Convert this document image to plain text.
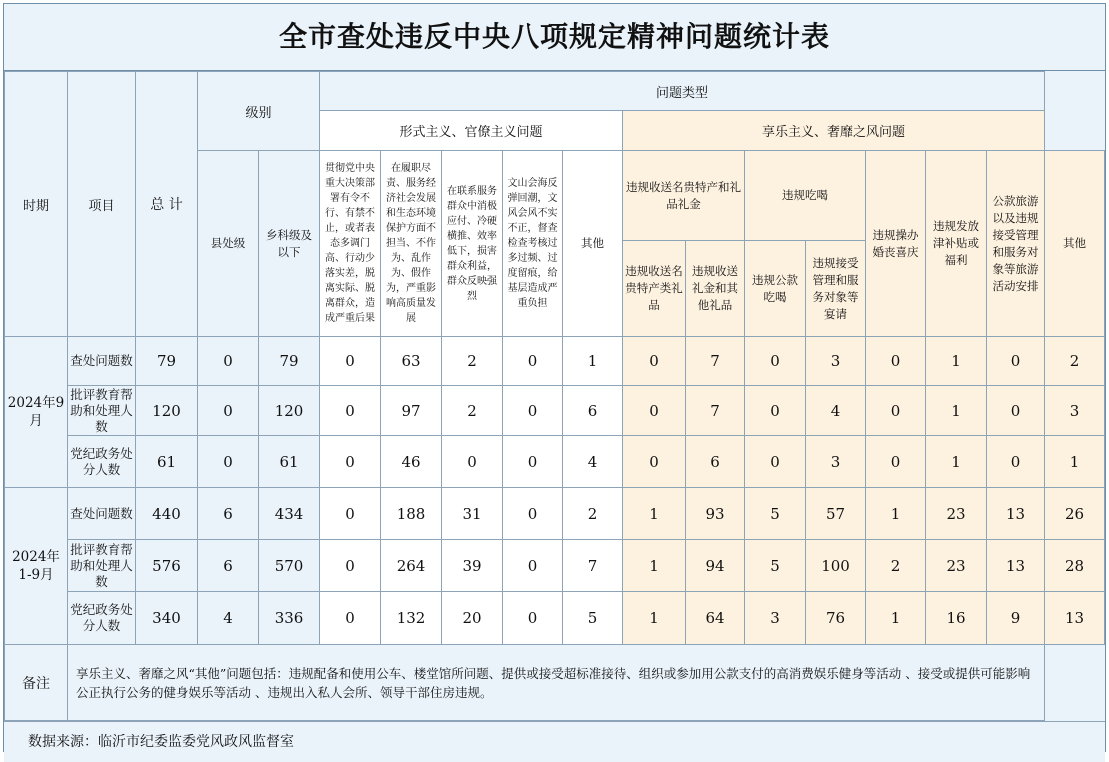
全市查处违反中央八项规定精神问题统计表
时期	项目	总 计	级别		问题类型												
					形式主义、官僚主义问题					享乐主义、奢靡之风问题							
			县处级	乡科级及以下	贯彻党中央重大决策部署有令不行、有禁不止，或者表态多调门高、行动少落实差，脱离实际、脱离群众，造成严重后果	在履职尽责、服务经济社会发展和生态环境保护方面不担当、不作为、乱作为、假作为，严重影响高质量发展	在联系服务群众中消极应付、冷硬横推、效率低下，损害群众利益，群众反映强烈	文山会海反弹回潮，文风会风不实不正，督查检查考核过多过频、过度留痕，给基层造成严重负担	其他	违规收送名贵特产和礼品礼金		违规吃喝		违规操办婚丧喜庆	违规发放津补贴或福利	公款旅游以及违规接受管理和服务对象等旅游活动安排	其他
										违规收送名贵特产类礼品	违规收送礼金和其他礼品	违规公款吃喝	违规接受管理和服务对象等宴请				
2024年9月	查处问题数	79	0	79	0	63	2	0	1	0	7	0	3	0	1	0	2
	批评教育帮助和处理人数	120	0	120	0	97	2	0	6	0	7	0	4	0	1	0	3
	党纪政务处分人数	61	0	61	0	46	0	0	4	0	6	0	3	0	1	0	1
2024年1-9月	查处问题数	440	6	434	0	188	31	0	2	1	93	5	57	1	23	13	26
	批评教育帮助和处理人数	576	6	570	0	264	39	0	7	1	94	5	100	2	23	13	28
	党纪政务处分人数	340	4	336	0	132	20	0	5	1	64	3	76	1	16	9	13
备注	享乐主义、奢靡之风“其他”问题包括：违规配备和使用公车、楼堂馆所问题、提供或接受超标准接待、组织或参加用公款支付的高消费娱乐健身等活动 、接受或提供可能影响公正执行公务的健身娱乐等活动 、违规出入私人会所、领导干部住房违规。																
数据来源：临沂市纪委监委党风政风监督室
